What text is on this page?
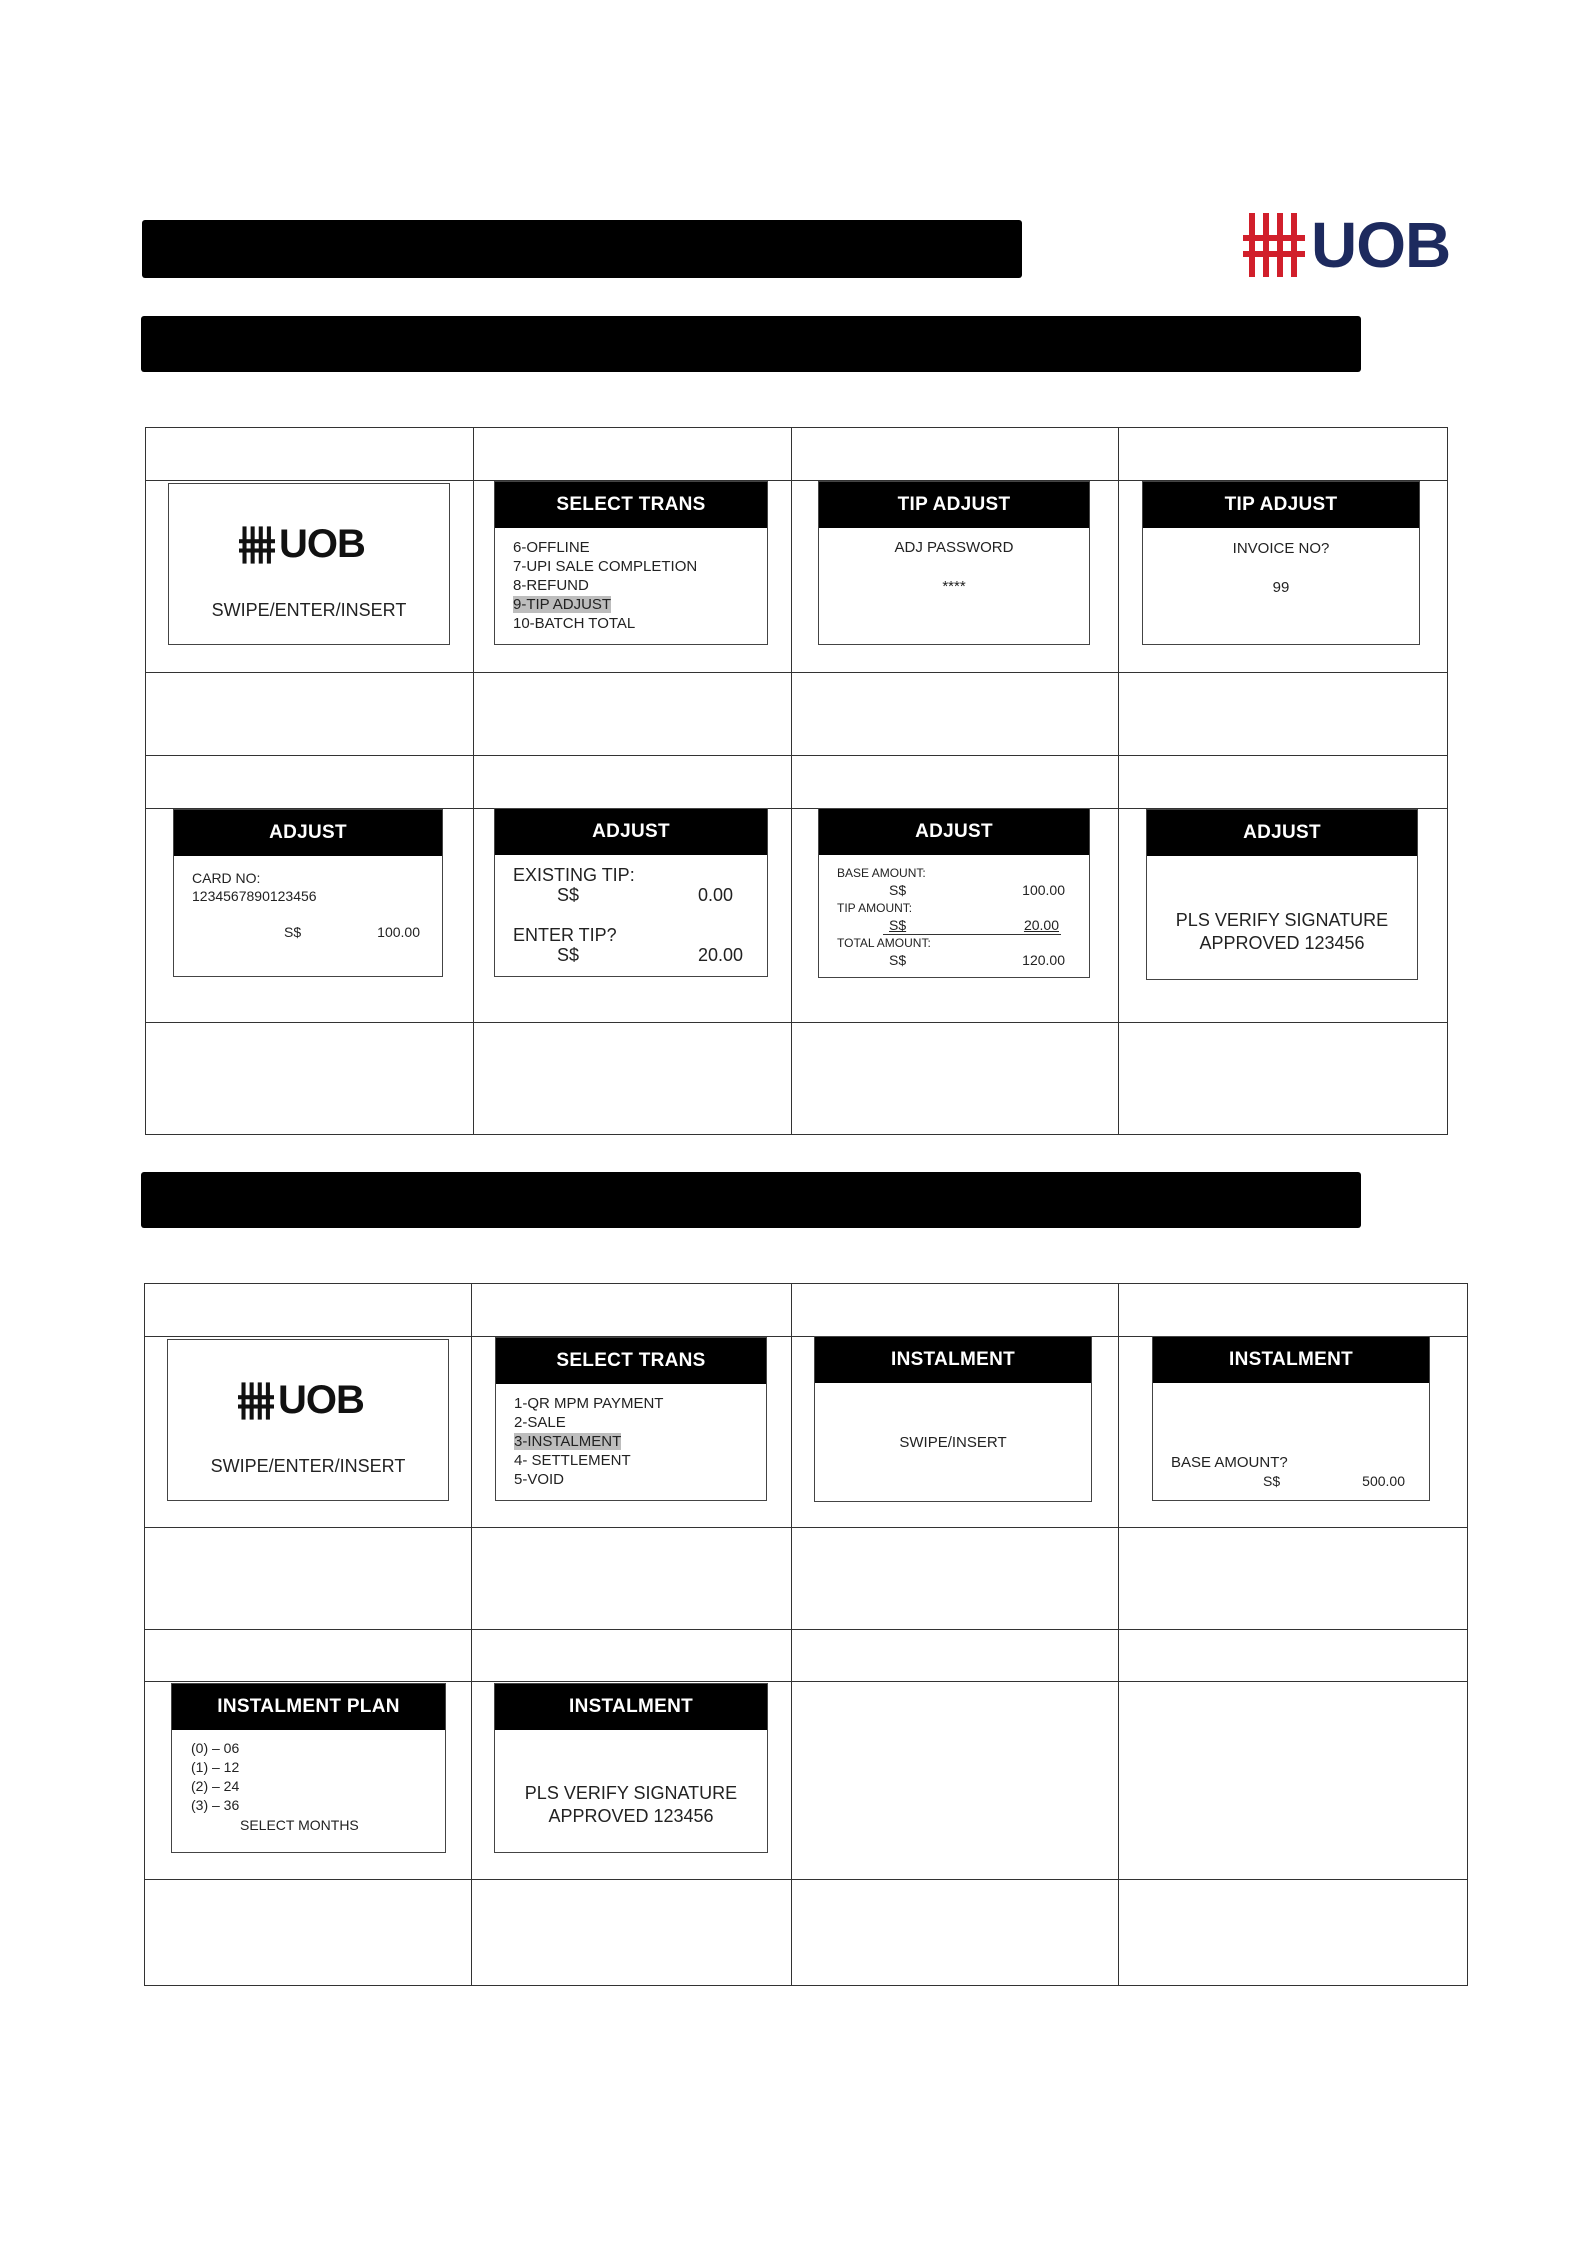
UOB
UOB
SWIPE/ENTER/INSERT
SELECT TRANS
6-OFFLINE
7-UPI SALE COMPLETION
8-REFUND
9-TIP ADJUST
10-BATCH TOTAL
TIP ADJUST
ADJ PASSWORD
****
TIP ADJUST
INVOICE NO?
99
ADJUST
CARD NO:
1234567890123456
S$	100.00
ADJUST
EXISTING TIP:
S$	0.00
ENTER TIP?
S$	20.00
ADJUST
BASE AMOUNT:
S$	100.00
TIP AMOUNT:
S$	20.00
TOTAL AMOUNT:
S$	120.00
ADJUST
PLS VERIFY SIGNATURE
APPROVED 123456
UOB
SWIPE/ENTER/INSERT
SELECT TRANS
1-QR MPM PAYMENT
2-SALE
3-INSTALMENT
4- SETTLEMENT
5-VOID
INSTALMENT
SWIPE/INSERT
INSTALMENT
BASE AMOUNT?
S$	500.00
INSTALMENT PLAN
(0) – 06
(1) – 12
(2) – 24
(3) – 36
SELECT MONTHS
INSTALMENT
PLS VERIFY SIGNATURE
APPROVED 123456
